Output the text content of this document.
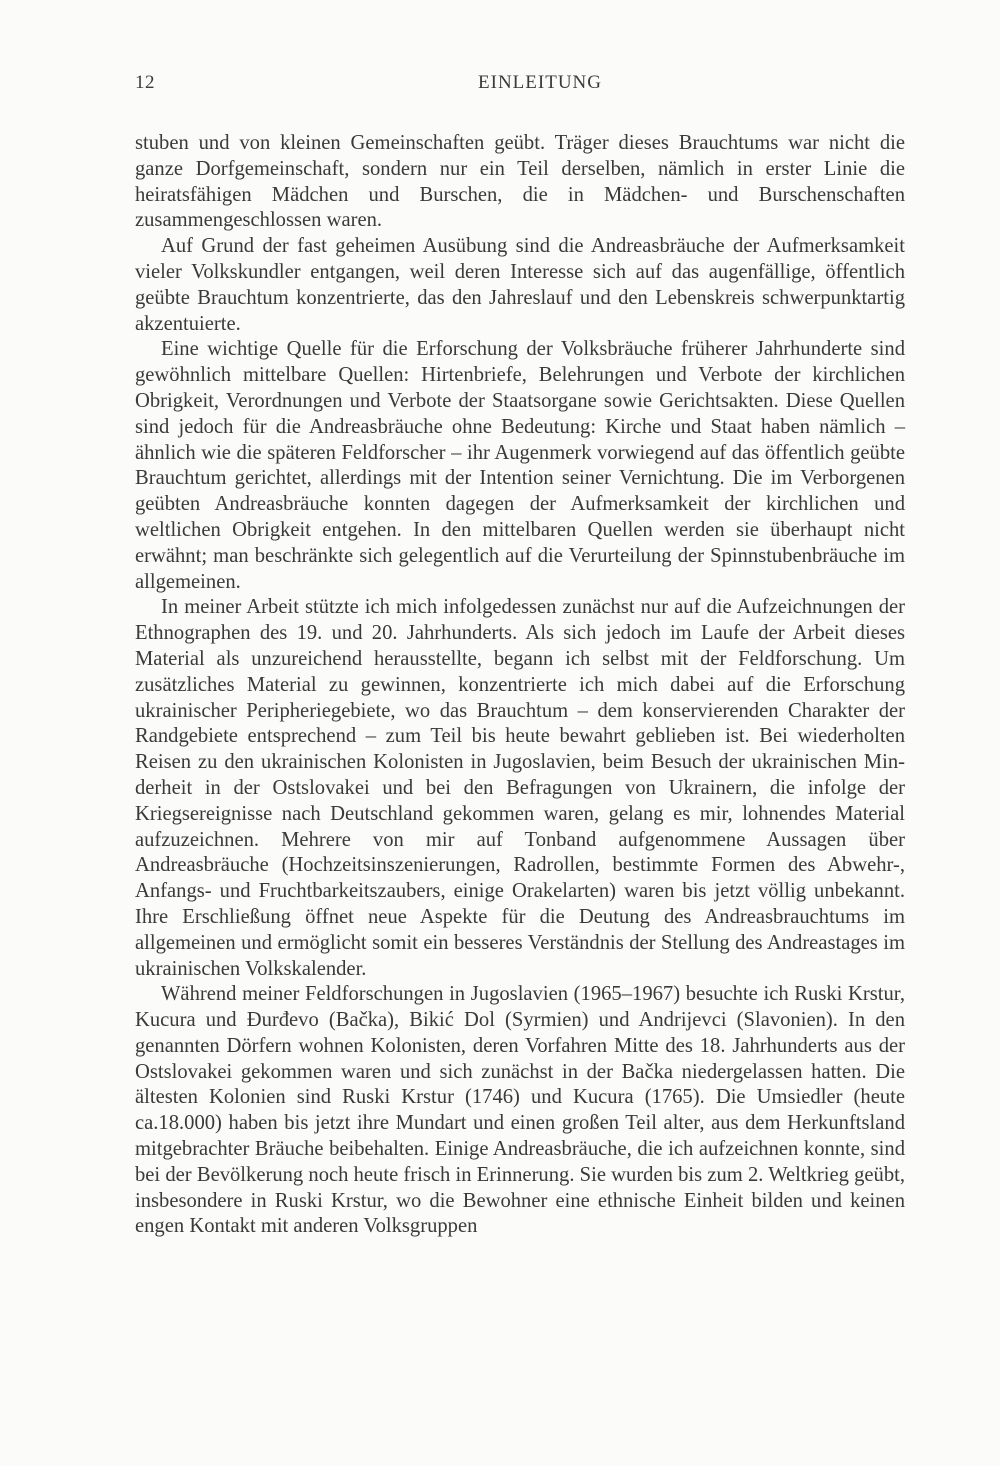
12	EINLEITUNG

stuben und von kleinen Gemeinschaften geübt. Träger dieses Brauchtums war nicht die ganze Dorfgemeinschaft, sondern nur ein Teil derselben, nämlich in erster Linie die heiratsfähigen Mädchen und Burschen, die in Mädchen- und Burschenschaften zusammengeschlossen waren.

Auf Grund der fast geheimen Ausübung sind die Andreasbräuche der Aufmerksamkeit vieler Volkskundler entgangen, weil deren Interesse sich auf das augenfällige, öffentlich geübte Brauchtum konzentrierte, das den Jahreslauf und den Lebenskreis schwerpunktartig akzentuierte.

Eine wichtige Quelle für die Erforschung der Volksbräuche früherer Jahrhunderte sind gewöhnlich mittelbare Quellen: Hirtenbriefe, Belehrungen und Verbote der kirchlichen Obrigkeit, Verordnungen und Verbote der Staatsorgane sowie Gerichtsakten. Diese Quellen sind jedoch für die Andreasbräuche ohne Bedeutung: Kirche und Staat haben nämlich – ähnlich wie die späteren Feldforscher – ihr Augenmerk vorwiegend auf das öffentlich geübte Brauchtum gerichtet, allerdings mit der Intention seiner Vernichtung. Die im Verborgenen geübten Andreasbräuche konnten dagegen der Aufmerksamkeit der kirchlichen und weltlichen Obrigkeit entgehen. In den mittelbaren Quellen werden sie überhaupt nicht erwähnt; man beschränkte sich gelegentlich auf die Verurteilung der Spinnstubenbräuche im allgemeinen.

In meiner Arbeit stützte ich mich infolgedessen zunächst nur auf die Aufzeichnungen der Ethnographen des 19. und 20. Jahrhunderts. Als sich jedoch im Laufe der Arbeit dieses Material als unzureichend herausstellte, begann ich selbst mit der Feldforschung. Um zusätzliches Material zu gewinnen, konzentrierte ich mich dabei auf die Erforschung ukrainischer Peripheriegebiete, wo das Brauchtum – dem konservierenden Charakter der Randgebiete entsprechend – zum Teil bis heute bewahrt geblieben ist. Bei wiederholten Reisen zu den ukrainischen Kolonisten in Jugoslavien, beim Besuch der ukrainischen Minderheit in der Ostslovakei und bei den Befragungen von Ukrainern, die infolge der Kriegsereignisse nach Deutschland gekommen waren, gelang es mir, lohnendes Material aufzuzeichnen. Mehrere von mir auf Tonband aufgenommene Aussagen über Andreasbräuche (Hochzeitsinszenierungen, Radrollen, bestimmte Formen des Abwehr-, Anfangs- und Fruchtbarkeitszaubers, einige Orakelarten) waren bis jetzt völlig unbekannt. Ihre Erschließung öffnet neue Aspekte für die Deutung des Andreasbrauchtums im allgemeinen und ermöglicht somit ein besseres Verständnis der Stellung des Andreastages im ukrainischen Volkskalender.

Während meiner Feldforschungen in Jugoslavien (1965–1967) besuchte ich Ruski Krstur, Kucura und Đurđevo (Bačka), Bikić Dol (Syrmien) und Andrijevci (Slavonien). In den genannten Dörfern wohnen Kolonisten, deren Vorfahren Mitte des 18. Jahrhunderts aus der Ostslovakei gekommen waren und sich zunächst in der Bačka niedergelassen hatten. Die ältesten Kolonien sind Ruski Krstur (1746) und Kucura (1765). Die Umsiedler (heute ca.18.000) haben bis jetzt ihre Mundart und einen großen Teil alter, aus dem Herkunftsland mitgebrachter Bräuche beibehalten. Einige Andreasbräuche, die ich aufzeichnen konnte, sind bei der Bevölkerung noch heute frisch in Erinnerung. Sie wurden bis zum 2. Weltkrieg geübt, insbesondere in Ruski Krstur, wo die Bewohner eine ethnische Einheit bilden und keinen engen Kontakt mit anderen Volksgruppen
